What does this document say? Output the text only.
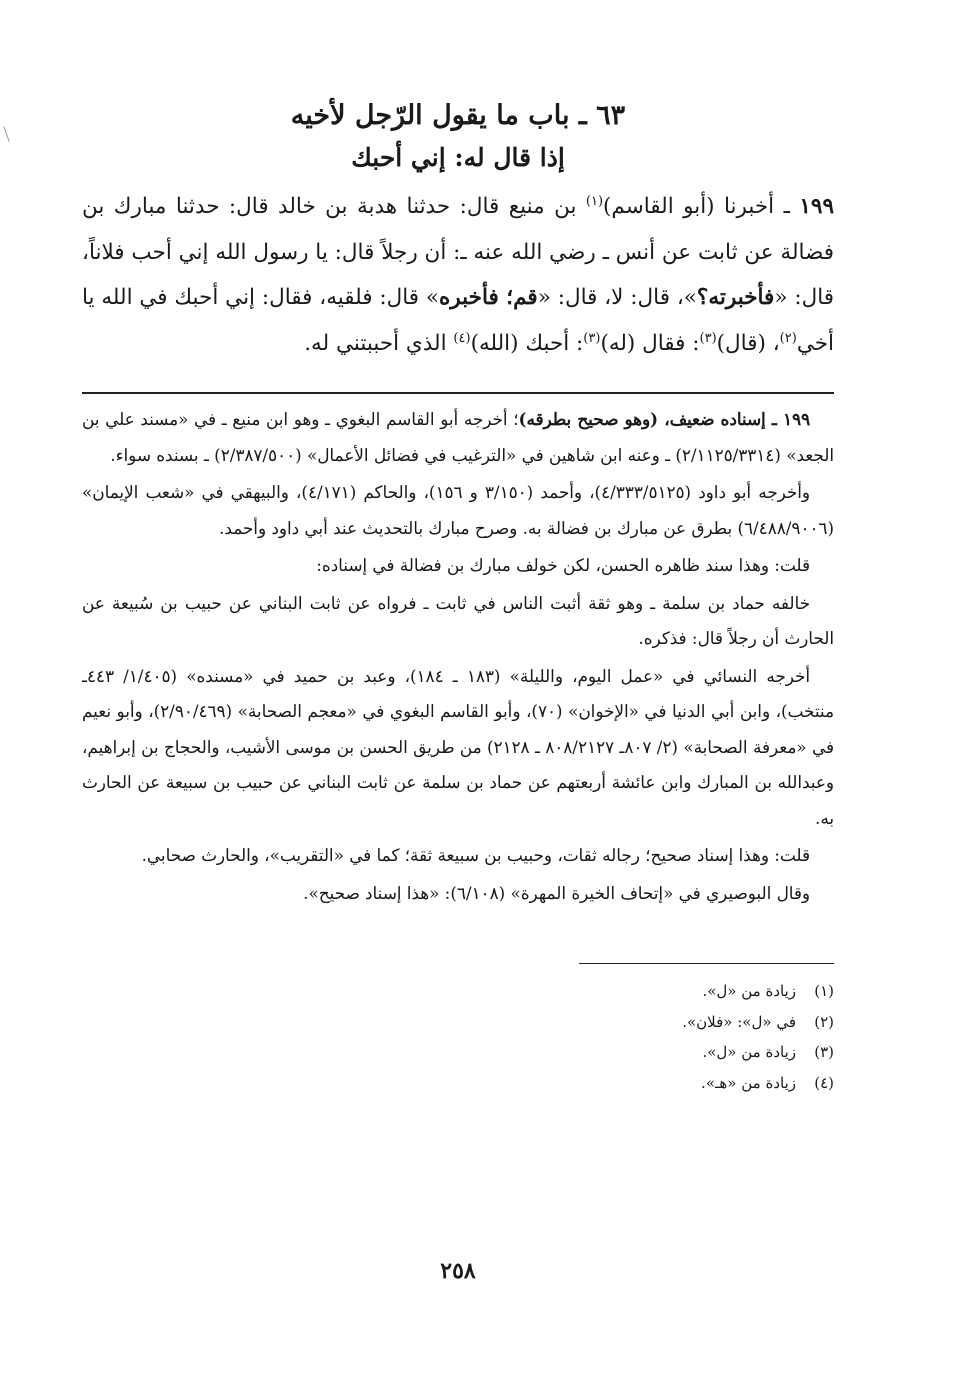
٦٣ ـ باب ما يقول الرّجل لأخيه
إذا قال له: إني أحبك

١٩٩ ـ أخبرنا (أبو القاسم)$^{(١)}$ بن منيع قال: حدثنا هدبة بن خالد قال: حدثنا مبارك بن فضالة عن ثابت عن أنس ـ رضي الله عنه ـ: أن رجلاً قال: يا رسول الله إني أحب فلاناً، قال: «فأخبرته؟»، قال: لا، قال: «قم؛ فأخبره» قال: فلقيه، فقال: إني أحبك في الله يا أخي$^{(٢)}$، (قال)$^{(٣)}$: فقال (له)$^{(٣)}$: أحبك (الله)$^{(٤)}$ الذي أحببتني له.

١٩٩ ـ إسناده ضعيف، (وهو صحيح بطرقه)؛ أخرجه أبو القاسم البغوي ـ وهو ابن منيع ـ في «مسند علي بن الجعد» (٢/١١٢٥/٣٣١٤) ـ وعنه ابن شاهين في «الترغيب في فضائل الأعمال» (٢/٣٨٧/٥٠٠) ـ بسنده سواء.

وأخرجه أبو داود (٤/٣٣٣/٥١٢٥)، وأحمد (٣/١٥٠ و ١٥٦)، والحاكم (٤/١٧١)، والبيهقي في «شعب الإيمان» (٦/٤٨٨/٩٠٠٦) بطرق عن مبارك بن فضالة به. وصرح مبارك بالتحديث عند أبي داود وأحمد.

قلت: وهذا سند ظاهره الحسن، لكن خولف مبارك بن فضالة في إسناده:

خالفه حماد بن سلمة ـ وهو ثقة أثبت الناس في ثابت ـ فرواه عن ثابت البناني عن حبيب بن سُبيعة عن الحارث أن رجلاً قال: فذكره.

أخرجه النسائي في «عمل اليوم، والليلة» (١٨٣ ـ ١٨٤)، وعبد بن حميد في «مسنده» (١/٤٠٥/ ٤٤٣ـ منتخب)، وابن أبي الدنيا في «الإخوان» (٧٠)، وأبو القاسم البغوي في «معجم الصحابة» (٢/٩٠/٤٦٩)، وأبو نعيم في «معرفة الصحابة» (٢/ ٨٠٧ـ ٨٠٨/٢١٢٧ ـ ٢١٢٨) من طريق الحسن بن موسى الأشيب، والحجاج بن إبراهيم، وعبدالله بن المبارك وابن عائشة أربعتهم عن حماد بن سلمة عن ثابت البناني عن حبيب بن سبيعة عن الحارث به.

قلت: وهذا إسناد صحيح؛ رجاله ثقات، وحبيب بن سبيعة ثقة؛ كما في «التقريب»، والحارث صحابي.

وقال البوصيري في «إتحاف الخيرة المهرة» (٦/١٠٨): «هذا إسناد صحيح».

(١)زيادة من «ل».
(٢)في «ل»: «فلان».
(٣)زيادة من «ل».
(٤)زيادة من «هـ».
٢٥٨
